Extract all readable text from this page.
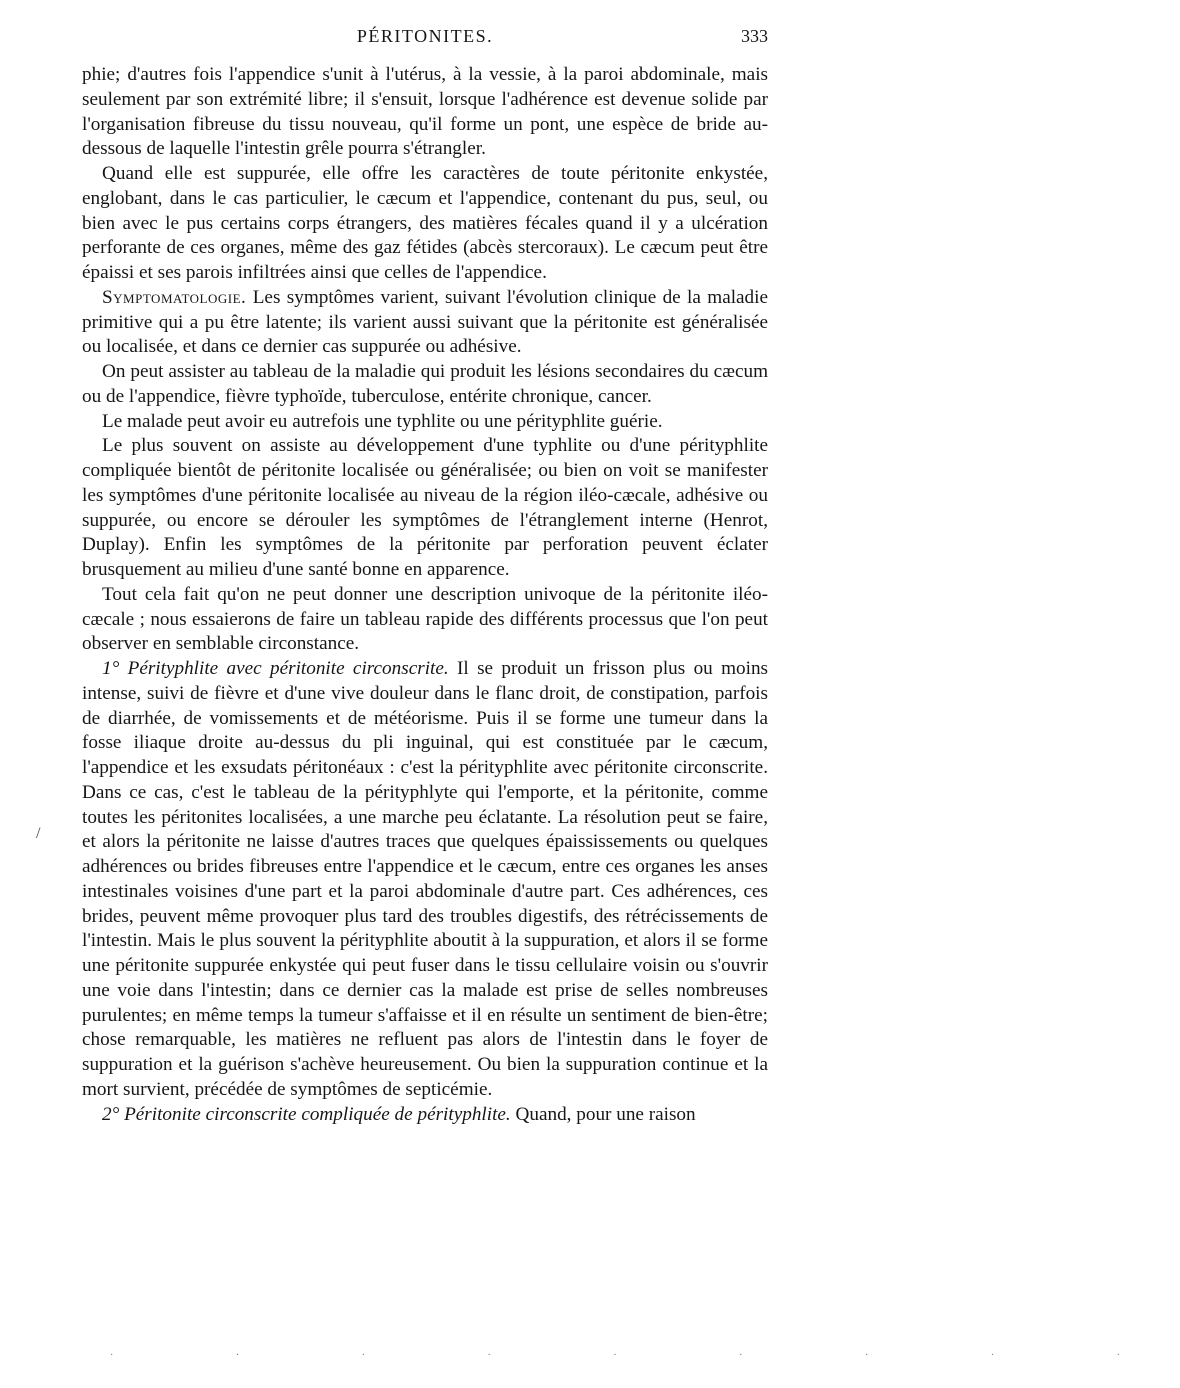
PÉRITONITES.	333
/

phie; d'autres fois l'appendice s'unit à l'utérus, à la vessie, à la paroi abdominale, mais seulement par son extrémité libre; il s'ensuit, lorsque l'adhérence est devenue solide par l'organisation fibreuse du tissu nouveau, qu'il forme un pont, une espèce de bride au-dessous de laquelle l'intestin grêle pourra s'étrangler.

Quand elle est suppurée, elle offre les caractères de toute péritonite enkystée, englobant, dans le cas particulier, le cæcum et l'appendice, contenant du pus, seul, ou bien avec le pus certains corps étrangers, des matières fécales quand il y a ulcération perforante de ces organes, même des gaz fétides (abcès stercoraux). Le cæcum peut être épaissi et ses parois infiltrées ainsi que celles de l'appendice.

Symptomatologie. Les symptômes varient, suivant l'évolution clinique de la maladie primitive qui a pu être latente; ils varient aussi suivant que la péritonite est généralisée ou localisée, et dans ce dernier cas suppurée ou adhésive.

On peut assister au tableau de la maladie qui produit les lésions secondaires du cæcum ou de l'appendice, fièvre typhoïde, tuberculose, entérite chronique, cancer.

Le malade peut avoir eu autrefois une typhlite ou une pérityphlite guérie.

Le plus souvent on assiste au développement d'une typhlite ou d'une pérityphlite compliquée bientôt de péritonite localisée ou généralisée; ou bien on voit se manifester les symptômes d'une péritonite localisée au niveau de la région iléo-cæcale, adhésive ou suppurée, ou encore se dérouler les symptômes de l'étranglement interne (Henrot, Duplay). Enfin les symptômes de la péritonite par perforation peuvent éclater brusquement au milieu d'une santé bonne en apparence.

Tout cela fait qu'on ne peut donner une description univoque de la péritonite iléo-cæcale ; nous essaierons de faire un tableau rapide des différents processus que l'on peut observer en semblable circonstance.

1° Pérityphlite avec péritonite circonscrite. Il se produit un frisson plus ou moins intense, suivi de fièvre et d'une vive douleur dans le flanc droit, de constipation, parfois de diarrhée, de vomissements et de météorisme. Puis il se forme une tumeur dans la fosse iliaque droite au-dessus du pli inguinal, qui est constituée par le cæcum, l'appendice et les exsudats péritonéaux : c'est la pérityphlite avec péritonite circonscrite. Dans ce cas, c'est le tableau de la pérityphlyte qui l'emporte, et la péritonite, comme toutes les péritonites localisées, a une marche peu éclatante. La résolution peut se faire, et alors la péritonite ne laisse d'autres traces que quelques épaississements ou quelques adhérences ou brides fibreuses entre l'appendice et le cæcum, entre ces organes les anses intestinales voisines d'une part et la paroi abdominale d'autre part. Ces adhérences, ces brides, peuvent même provoquer plus tard des troubles digestifs, des rétrécissements de l'intestin. Mais le plus souvent la pérityphlite aboutit à la suppuration, et alors il se forme une péritonite suppurée enkystée qui peut fuser dans le tissu cellulaire voisin ou s'ouvrir une voie dans l'intestin; dans ce dernier cas la malade est prise de selles nombreuses purulentes; en même temps la tumeur s'affaisse et il en résulte un sentiment de bien-être; chose remarquable, les matières ne refluent pas alors de l'intestin dans le foyer de suppuration et la guérison s'achève heureusement. Ou bien la suppuration continue et la mort survient, précédée de symptômes de septicémie.

2° Péritonite circonscrite compliquée de pérityphlite. Quand, pour une raison

· · · · · · · · ·
